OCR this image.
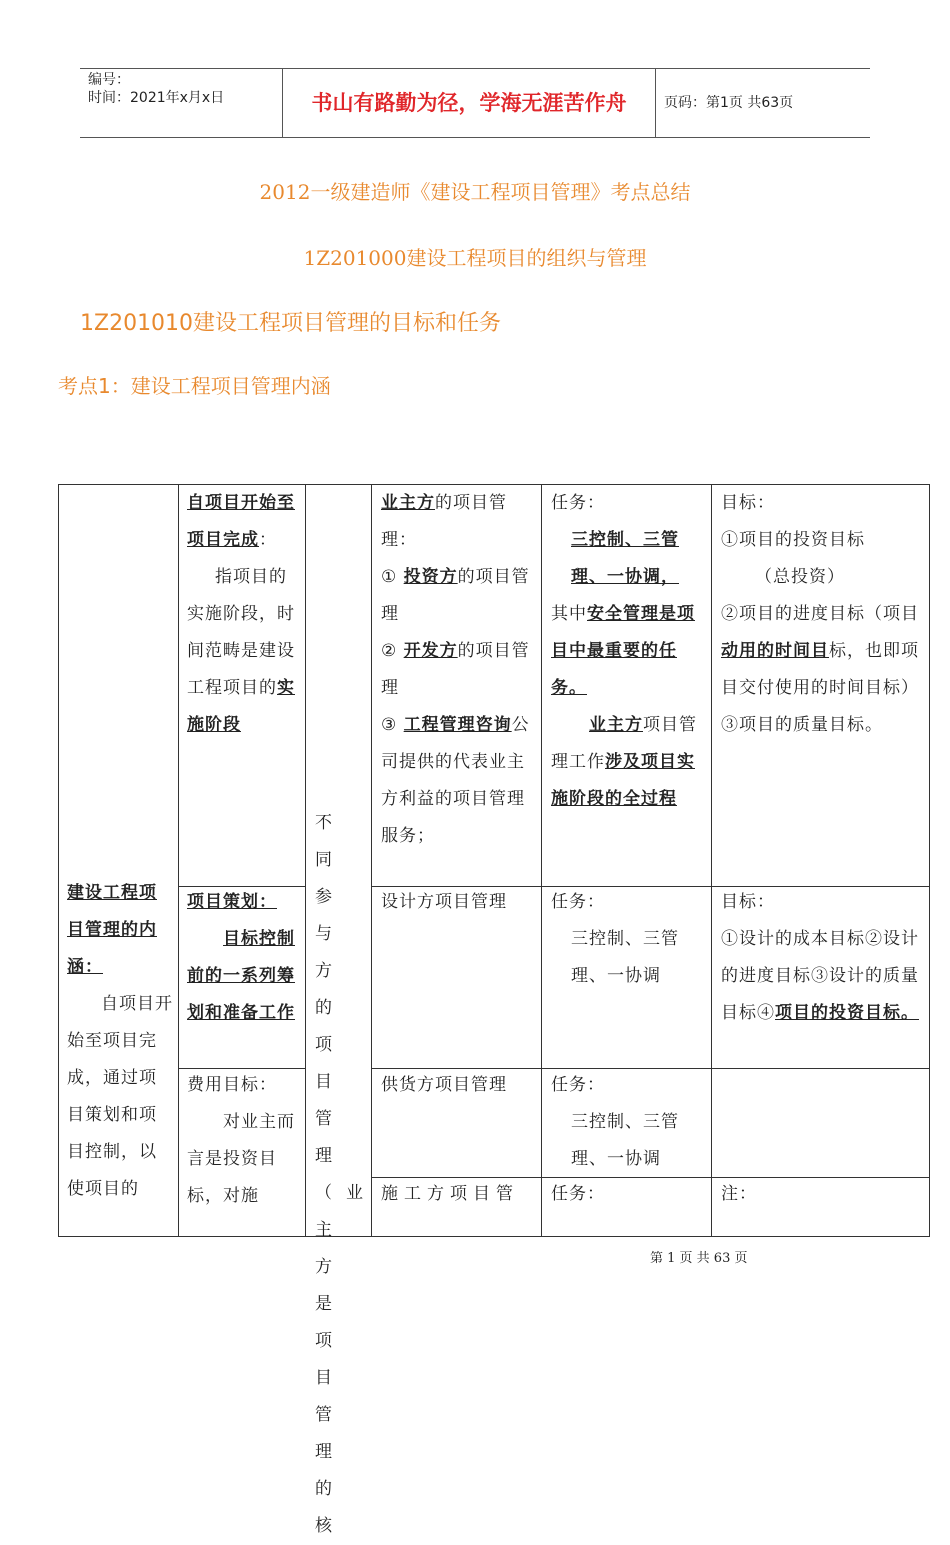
编号：
时间：2021年x月x日	书山有路勤为径，学海无涯苦作舟	页码：第1页 共63页
2012一级建造师《建设工程项目管理》考点总结
1Z201000建设工程项目的组织与管理
1Z201010建设工程项目管理的目标和任务
考点1：建设工程项目管理内涵

建设工程项目管理的内涵：

自项目开始至项目完成，通过项目策划和项目控制，以使项目的

自项目开始至项目完成：

指项目的实施阶段，时间范畴是建设工程项目的实施阶段

项目策划：

目标控制前的一系列筹划和准备工作

费用目标：

对业主而言是投资目标，对施

不同参与方的项目管理（业主方是项目管理的核

业主方的项目管理：

① 投资方的项目管理

② 开发方的项目管理

③ 工程管理咨询公司提供的代表业主方利益的项目管理服务；

设计方项目管理
供货方项目管理
施工方项目管

任务：

三控制、三管理、一协调，

其中安全管理是项目中最重要的任务。

业主方项目管理工作涉及项目实施阶段的全过程

任务：

三控制、三管理、一协调

任务：

三控制、三管理、一协调

任务：

目标：

①项目的投资目标

（总投资）

②项目的进度目标（项目动用的时间目标，也即项目交付使用的时间目标）

③项目的质量目标。

目标：

①设计的成本目标②设计的进度目标③设计的质量目标④项目的投资目标。

注：
第 1 页 共 63 页
